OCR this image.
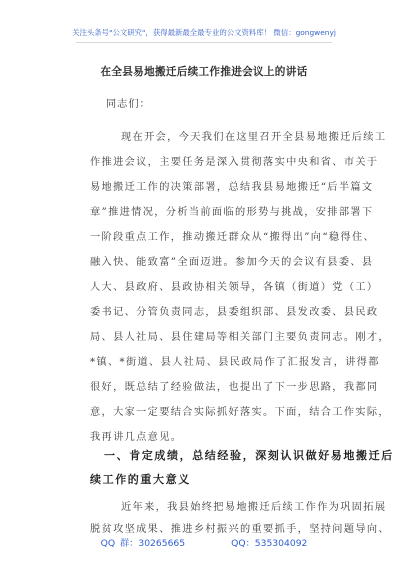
关注头条号"公文研究"，获得最新最全最专业的公文资料库！ 微信：gongwenyj
在全县易地搬迁后续工作推进会议上的讲话
同志们：
现在开会，今天我们在这里召开全县易地搬迁后续工
作推进会议，主要任务是深入贯彻落实中央和省、市关于
易地搬迁工作的决策部署，总结我县易地搬迁“后半篇文
章”推进情况，分析当前面临的形势与挑战，安排部署下
一阶段重点工作，推动搬迁群众从“搬得出”向“稳得住、
融入快、能致富”全面迈进。参加今天的会议有县委、县
人大、县政府、县政协相关领导，各镇（街道）党（工）
委书记、分管负责同志，县委组织部、县发改委、县民政
局、县人社局、县住建局等相关部门主要负责同志。刚才，
*镇、*街道、县人社局、县民政局作了汇报发言，讲得都
很好，既总结了经验做法，也提出了下一步思路，我都同
意，大家一定要结合实际抓好落实。下面，结合工作实际，
我再讲几点意见。
一、肯定成绩，总结经验，深刻认识做好易地搬迁后
续工作的重大意义
近年来，我县始终把易地搬迁后续工作作为巩固拓展
脱贫攻坚成果、推进乡村振兴的重要抓手，坚持问题导向、
QQ 群：30265665	QQ：535304092
